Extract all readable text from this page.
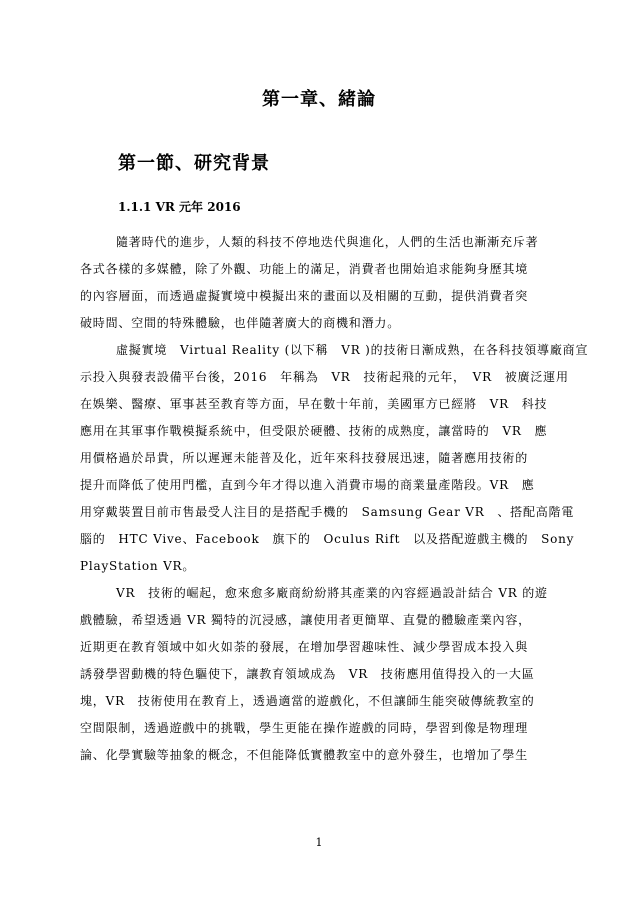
第一章、緒論
第一節、研究背景
1.1.1 VR 元年 2016
隨著時代的進步，人類的科技不停地迭代與進化，人們的生活也漸漸充斥著
各式各樣的多媒體，除了外觀、功能上的滿足，消費者也開始追求能夠身歷其境
的內容層面，而透過虛擬實境中模擬出來的畫面以及相關的互動，提供消費者突
破時間、空間的特殊體驗，也伴隨著廣大的商機和潛力。
虛擬實境　Virtual Reality (以下稱　VR )的技術日漸成熟，在各科技領導廠商宣
示投入與發表設備平台後，2016　年稱為　VR　技術起飛的元年，　VR　被廣泛運用
在娛樂、醫療、軍事甚至教育等方面，早在數十年前，美國軍方已經將　VR　科技
應用在其軍事作戰模擬系統中，但受限於硬體、技術的成熟度，讓當時的　VR　應
用價格過於昂貴，所以遲遲未能普及化，近年來科技發展迅速，隨著應用技術的
提升而降低了使用門檻，直到今年才得以進入消費市場的商業量產階段。VR　應
用穿戴裝置目前市售最受人注目的是搭配手機的　Samsung Gear VR　、搭配高階電
腦的　HTC Vive、Facebook　旗下的　Oculus Rift　以及搭配遊戲主機的　Sony
PlayStation VR。
VR　技術的崛起，愈來愈多廠商紛紛將其產業的內容經過設計結合 VR 的遊
戲體驗，希望透過 VR 獨特的沉浸感，讓使用者更簡單、直覺的體驗產業內容，
近期更在教育領域中如火如荼的發展，在增加學習趣味性、減少學習成本投入與
誘發學習動機的特色驅使下，讓教育領域成為　VR　技術應用值得投入的一大區
塊，VR　技術使用在教育上，透過適當的遊戲化，不但讓師生能突破傳統教室的
空間限制，透過遊戲中的挑戰，學生更能在操作遊戲的同時，學習到像是物理理
論、化學實驗等抽象的概念，不但能降低實體教室中的意外發生，也增加了學生
1
